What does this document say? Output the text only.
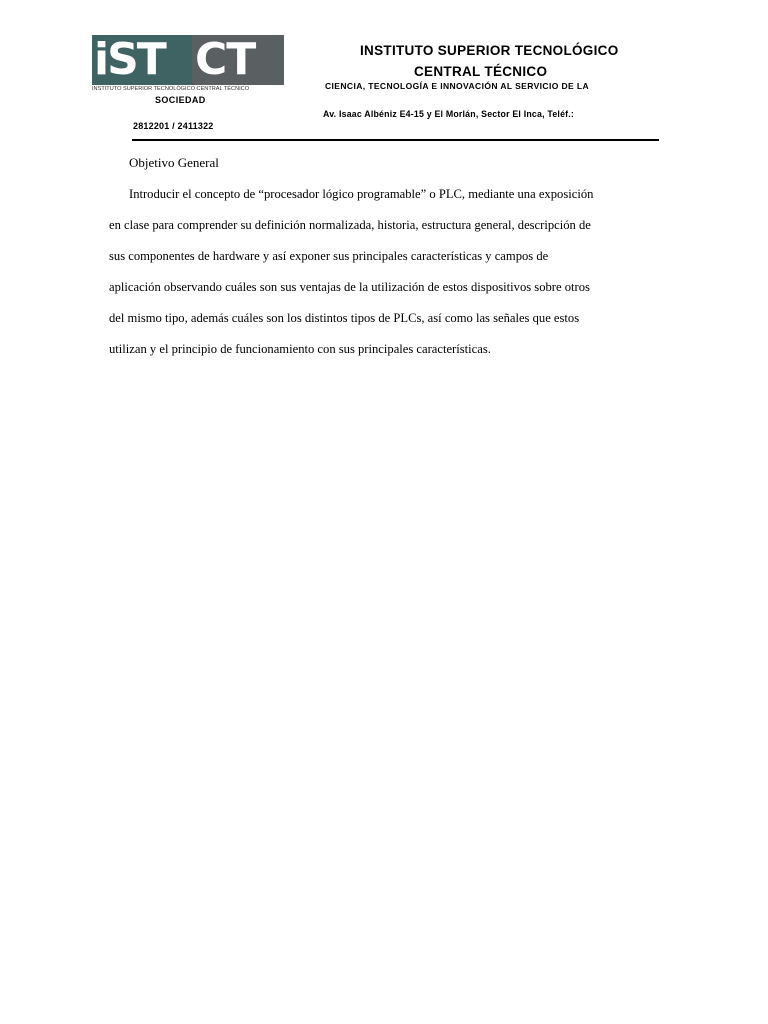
iST CT
INSTITUTO SUPERIOR TECNOLÓGICO CENTRAL TÉCNICO
INSTITUTO SUPERIOR TECNOLÓGICO
CENTRAL TÉCNICO
CIENCIA, TECNOLOGÍA E INNOVACIÓN AL SERVICIO DE LA
SOCIEDAD
Av. Isaac Albéniz E4-15 y El Morlán, Sector El Inca, Teléf.:
2812201 / 2411322
Objetivo General

Introducir el concepto de “procesador lógico programable” o PLC, mediante una exposición
en clase para comprender su definición normalizada, historia, estructura general, descripción de
sus componentes de hardware y así exponer sus principales características y campos de
aplicación observando cuáles son sus ventajas de la utilización de estos dispositivos sobre otros
del mismo tipo, además cuáles son los distintos tipos de PLCs, así como las señales que estos
utilizan y el principio de funcionamiento con sus principales características.
